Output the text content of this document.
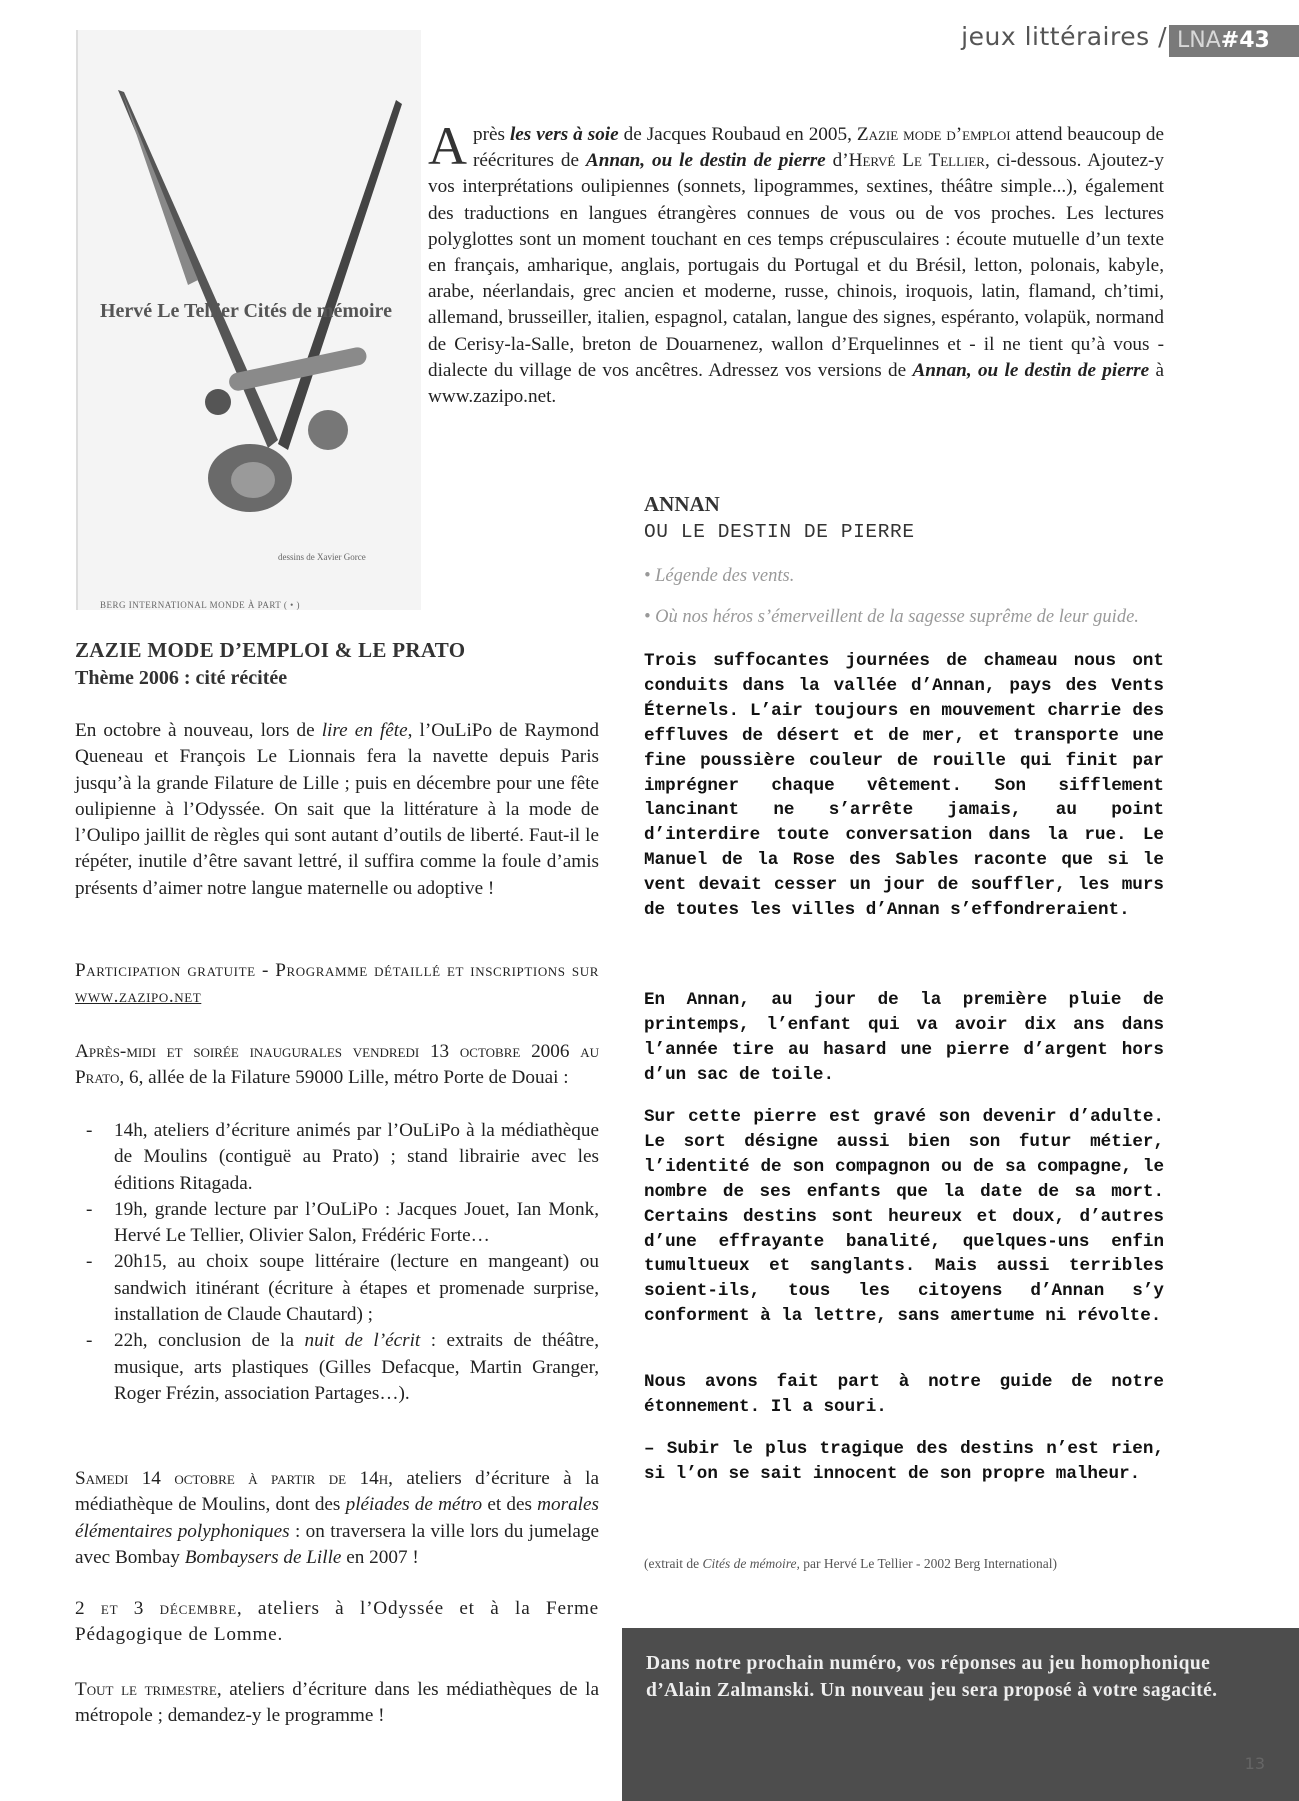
jeux littéraires / LNA#43
Hervé Le Tellier Cités de mémoire
dessins de Xavier Gorce
BERG INTERNATIONAL MONDE À PART ( • )
Après les vers à soie de Jacques Roubaud en 2005, Zazie mode d’emploi attend beaucoup de réécritures de Annan, ou le destin de pierre d’Hervé Le Tellier, ci-dessous. Ajoutez-y vos interprétations oulipiennes (sonnets, lipogrammes, sextines, théâtre simple...), également des traductions en langues étrangères connues de vous ou de vos proches. Les lectures polyglottes sont un moment touchant en ces temps crépusculaires : écoute mutuelle d’un texte en français, amharique, anglais, portugais du Portugal et du Brésil, letton, polonais, kabyle, arabe, néerlandais, grec ancien et moderne, russe, chinois, iroquois, latin, flamand, ch’timi, allemand, brusseiller, italien, espagnol, catalan, langue des signes, espéranto, volapük, normand de Cerisy-la-Salle, breton de Douarnenez, wallon d’Erquelinnes et - il ne tient qu’à vous - dialecte du village de vos ancêtres. Adressez vos versions de Annan, ou le destin de pierre à www.zazipo.net.
ZAZIE MODE D’EMPLOI & LE PRATO
Thème 2006 : cité récitée
En octobre à nouveau, lors de lire en fête, l’OuLiPo de Raymond Queneau et François Le Lionnais fera la navette depuis Paris jusqu’à la grande Filature de Lille ; puis en décembre pour une fête oulipienne à l’Odyssée. On sait que la littérature à la mode de l’Oulipo jaillit de règles qui sont autant d’outils de liberté. Faut-il le répéter, inutile d’être savant lettré, il suffira comme la foule d’amis présents d’aimer notre langue maternelle ou adoptive !
Participation gratuite - Programme détaillé et inscriptions sur www.zazipo.net
Après-midi et soirée inaugurales vendredi 13 octobre 2006 au Prato, 6, allée de la Filature 59000 Lille, métro Porte de Douai :
- 14h, ateliers d’écriture animés par l’OuLiPo à la médiathèque de Moulins (contiguë au Prato) ; stand librairie avec les éditions Ritagada.
- 19h, grande lecture par l’OuLiPo : Jacques Jouet, Ian Monk, Hervé Le Tellier, Olivier Salon, Frédéric Forte…
- 20h15, au choix soupe littéraire (lecture en mangeant) ou sandwich itinérant (écriture à étapes et promenade surprise, installation de Claude Chautard) ;
- 22h, conclusion de la nuit de l’écrit : extraits de théâtre, musique, arts plastiques (Gilles Defacque, Martin Granger, Roger Frézin, association Partages…).
Samedi 14 octobre à partir de 14h, ateliers d’écriture à la médiathèque de Moulins, dont des pléiades de métro et des morales élémentaires polyphoniques : on traversera la ville lors du jumelage avec Bombay Bombaysers de Lille en 2007 !
2 et 3 décembre, ateliers à l’Odyssée et à la Ferme Pédagogique de Lomme.
Tout le trimestre, ateliers d’écriture dans les médiathèques de la métropole ; demandez-y le programme !
ANNAN
OU LE DESTIN DE PIERRE
• Légende des vents.
• Où nos héros s’émerveillent de la sagesse suprême de leur guide.
Trois suffocantes journées de chameau nous ont conduits dans la vallée d’Annan, pays des Vents Éternels. L’air toujours en mouvement charrie des effluves de désert et de mer, et transporte une fine poussière couleur de rouille qui finit par imprégner chaque vêtement. Son sifflement lancinant ne s’arrête jamais, au point d’interdire toute conversation dans la rue. Le Manuel de la Rose des Sables raconte que si le vent devait cesser un jour de souffler, les murs de toutes les villes d’Annan s’effondreraient.
En Annan, au jour de la première pluie de printemps, l’enfant qui va avoir dix ans dans l’année tire au hasard une pierre d’argent hors d’un sac de toile.
Sur cette pierre est gravé son devenir d’adulte. Le sort désigne aussi bien son futur métier, l’identité de son compagnon ou de sa compagne, le nombre de ses enfants que la date de sa mort. Certains destins sont heureux et doux, d’autres d’une effrayante banalité, quelques-uns enfin tumultueux et sanglants. Mais aussi terribles soient-ils, tous les citoyens d’Annan s’y conforment à la lettre, sans amertume ni révolte.
Nous avons fait part à notre guide de notre étonnement. Il a souri.
– Subir le plus tragique des destins n’est rien, si l’on se sait innocent de son propre malheur.
(extrait de Cités de mémoire, par Hervé Le Tellier - 2002 Berg International)
Dans notre prochain numéro, vos réponses au jeu homophonique d’Alain Zalmanski. Un nouveau jeu sera proposé à votre sagacité.
13
